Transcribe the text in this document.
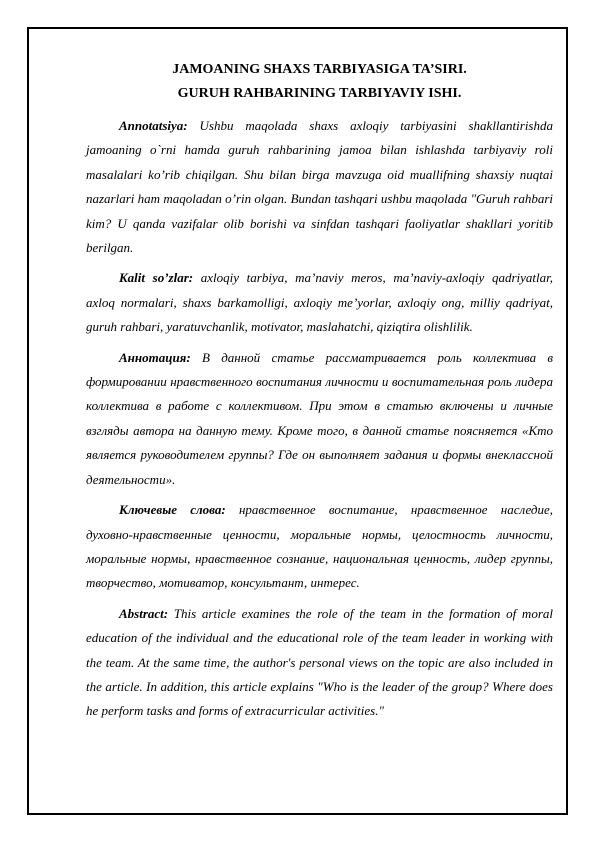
JAMOANING SHAXS TARBIYASIGA TA’SIRI.

GURUH RAHBARINING TARBIYAVIY ISHI.

Annotatsiya: Ushbu maqolada shaxs axloqiy tarbiyasini shakllantirishda jamoaning o`rni hamda guruh rahbarining jamoa bilan ishlashda tarbiyaviy roli masalalari ko’rib chiqilgan. Shu bilan birga mavzuga oid muallifning shaxsiy nuqtai nazarlari ham maqoladan o’rin olgan. Bundan tashqari ushbu maqolada "Guruh rahbari kim? U qanda vazifalar olib borishi va sinfdan tashqari faoliyatlar shakllari yoritib berilgan.

Kalit so’zlar: axloqiy tarbiya, ma’naviy meros, ma’naviy-axloqiy qadriyatlar, axloq normalari, shaxs barkamolligi, axloqiy me’yorlar, axloqiy ong, milliy qadriyat, guruh rahbari, yaratuvchanlik, motivator, maslahatchi, qiziqtira olishlilik.

Аннотация: В данной статье рассматривается роль коллектива в формировании нравственного воспитания личности и воспитательная роль лидера коллектива в работе с коллективом. При этом в статью включены и личные взгляды автора на данную тему. Кроме того, в данной статье поясняется «Кто является руководителем группы? Где он выполняет задания и формы внеклассной деятельности».

Ключевые слова: нравственное воспитание, нравственное наследие, духовно-нравственные ценности, моральные нормы, целостность личности, моральные нормы, нравственное сознание, национальная ценность, лидер группы, творчество, мотиватор, консультант, интерес.

Abstract: This article examines the role of the team in the formation of moral education of the individual and the educational role of the team leader in working with the team. At the same time, the author's personal views on the topic are also included in the article. In addition, this article explains "Who is the leader of the group? Where does he perform tasks and forms of extracurricular activities."
